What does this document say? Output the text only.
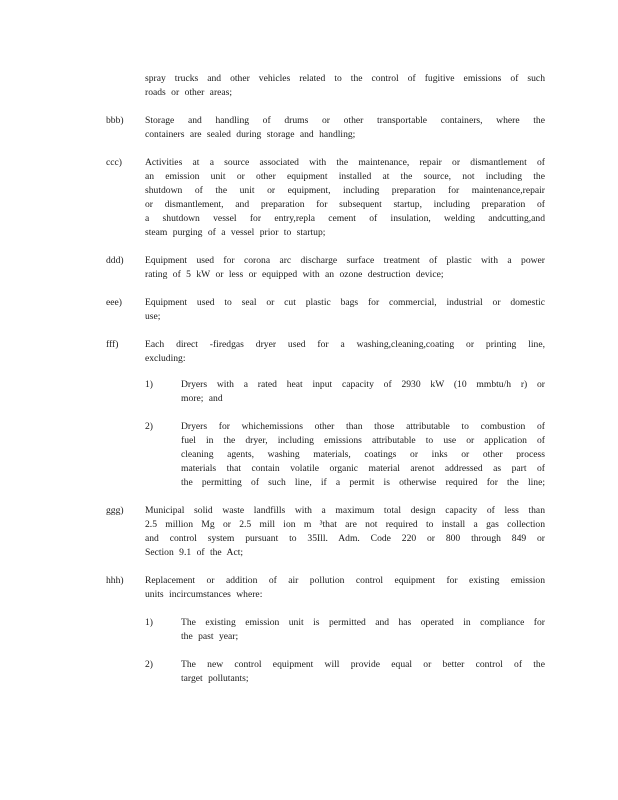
spray trucks and other vehicles related to the control of fugitive emissions of such
roads or other areas;
bbb)	Storage and handling of drums or other transportable containers, where the
containers are sealed during storage and handling;
ccc)	Activities at a source associated with the maintenance, repair or dismantlement of
an emission unit or other equipment installed at the source, not including the
shutdown of the unit or equipment, including preparation for maintenance,repair
or dismantlement, and preparation for subsequent startup, including preparation of
a shutdown vessel for entry,repla cement of insulation, welding andcutting,and
steam purging of a vessel prior to startup;
ddd)	Equipment used for corona arc discharge surface treatment of plastic with a power
rating of 5 kW or less or equipped with an ozone destruction device;
eee)	Equipment used to seal or cut plastic bags for commercial, industrial or domestic
use;
fff)	Each direct -firedgas dryer used for a washing,cleaning,coating or printing line,
excluding:
1)	Dryers with a rated heat input capacity of 2930 kW (10 mmbtu/h r) or
more; and
2)	Dryers for whichemissions other than those attributable to combustion of
fuel in the dryer, including emissions attributable to use or application of
cleaning agents, washing materials, coatings or inks or other process
materials that contain volatile organic material arenot addressed as part of
the permitting of such line, if a permit is otherwise required for the line;
ggg)	Municipal solid waste landfills with a maximum total design capacity of less than
2.5 million Mg or 2.5 mill ion m ³that are not required to install a gas collection
and control system pursuant to 35Ill. Adm. Code 220 or 800 through 849 or
Section 9.1 of the Act;
hhh)	Replacement or addition of air pollution control equipment for existing emission
units incircumstances where:
1)	The existing emission unit is permitted and has operated in compliance for
the past year;
2)	The new control equipment will provide equal or better control of the
target pollutants;
